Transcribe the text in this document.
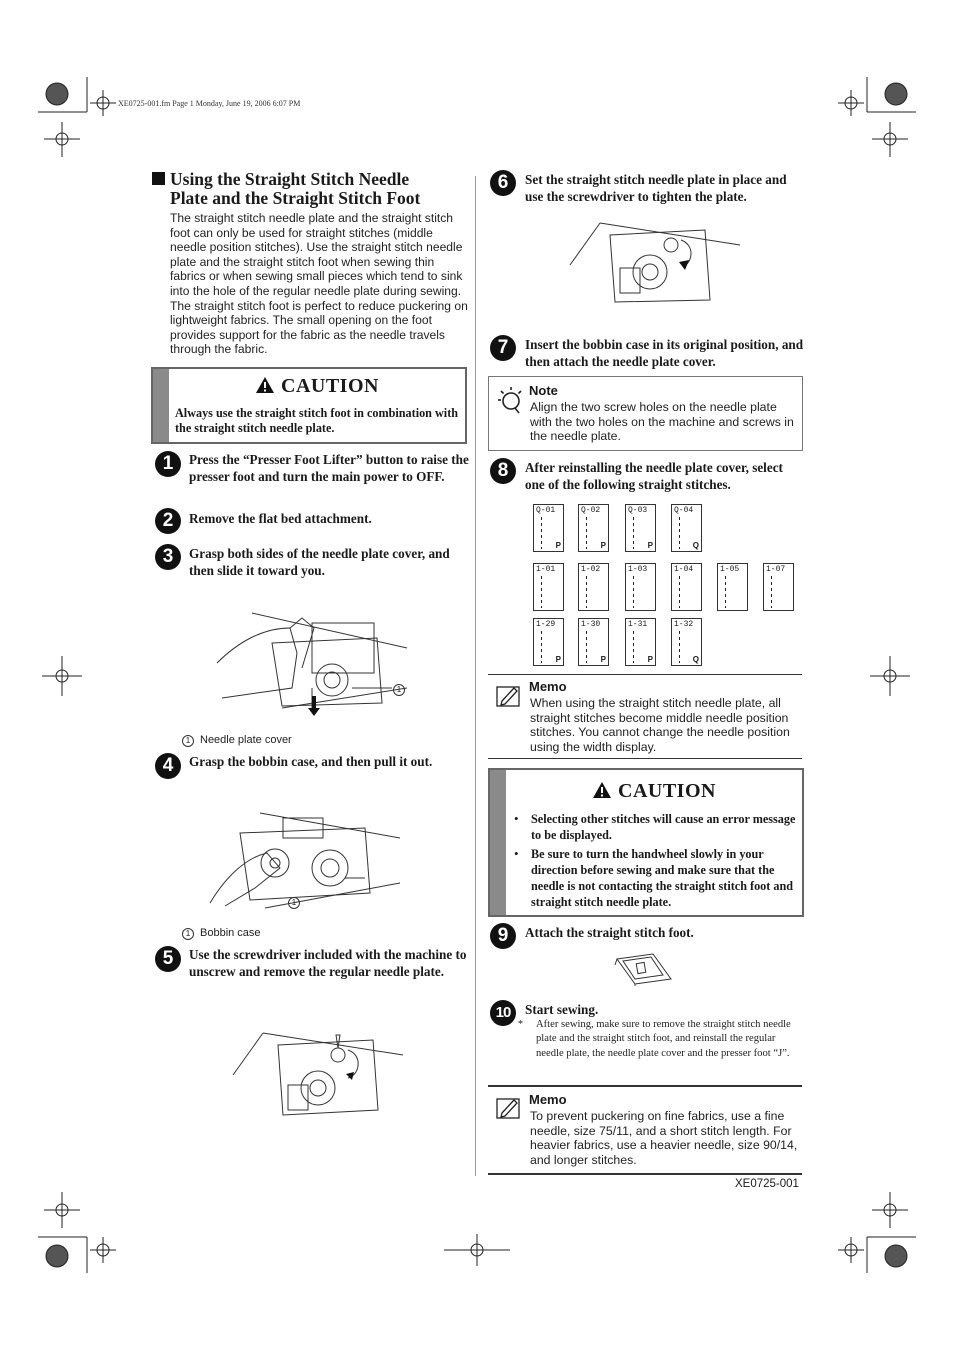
XE0725-001.fm Page 1 Monday, June 19, 2006 6:07 PM
Using the Straight Stitch Needle
Plate and the Straight Stitch Foot
The straight stitch needle plate and the straight stitch foot can only be used for straight stitches (middle needle position stitches). Use the straight stitch needle plate and the straight stitch foot when sewing thin fabrics or when sewing small pieces which tend to sink into the hole of the regular needle plate during sewing. The straight stitch foot is perfect to reduce puckering on lightweight fabrics. The small opening on the foot provides support for the fabric as the needle travels through the fabric.
CAUTION
Always use the straight stitch foot in combination with the straight stitch needle plate.
1	Press the “Presser Foot Lifter” button to raise the presser foot and turn the main power to OFF.
2	Remove the flat bed attachment.
3	Grasp both sides of the needle plate cover, and then slide it toward you.
1
1 Needle plate cover
4	Grasp the bobbin case, and then pull it out.
1
1 Bobbin case
5	Use the screwdriver included with the machine to unscrew and remove the regular needle plate.
6	Set the straight stitch needle plate in place and use the screwdriver to tighten the plate.
7	Insert the bobbin case in its original position, and then attach the needle plate cover.
Note
Align the two screw holes on the needle plate with the two holes on the machine and screws in the needle plate.
8	After reinstalling the needle plate cover, select one of the following straight stitches.
Q-01
P
Q-02
P
Q-03
P
Q-04
Q
1-01	1-02	1-03	1-04	1-05	1-07
1-29
P
1-30
P
1-31
P
1-32
Q
Memo
When using the straight stitch needle plate, all straight stitches become middle needle position stitches. You cannot change the needle position using the width display.
CAUTION
• Selecting other stitches will cause an error message to be displayed.
• Be sure to turn the handwheel slowly in your direction before sewing and make sure that the needle is not contacting the straight stitch foot and straight stitch needle plate.
9	Attach the straight stitch foot.
10	Start sewing.
* After sewing, make sure to remove the straight stitch needle plate and the straight stitch foot, and reinstall the regular needle plate, the needle plate cover and the presser foot “J”.
Memo
To prevent puckering on fine fabrics, use a fine needle, size 75/11, and a short stitch length. For heavier fabrics, use a heavier needle, size 90/14, and longer stitches.
XE0725-001
